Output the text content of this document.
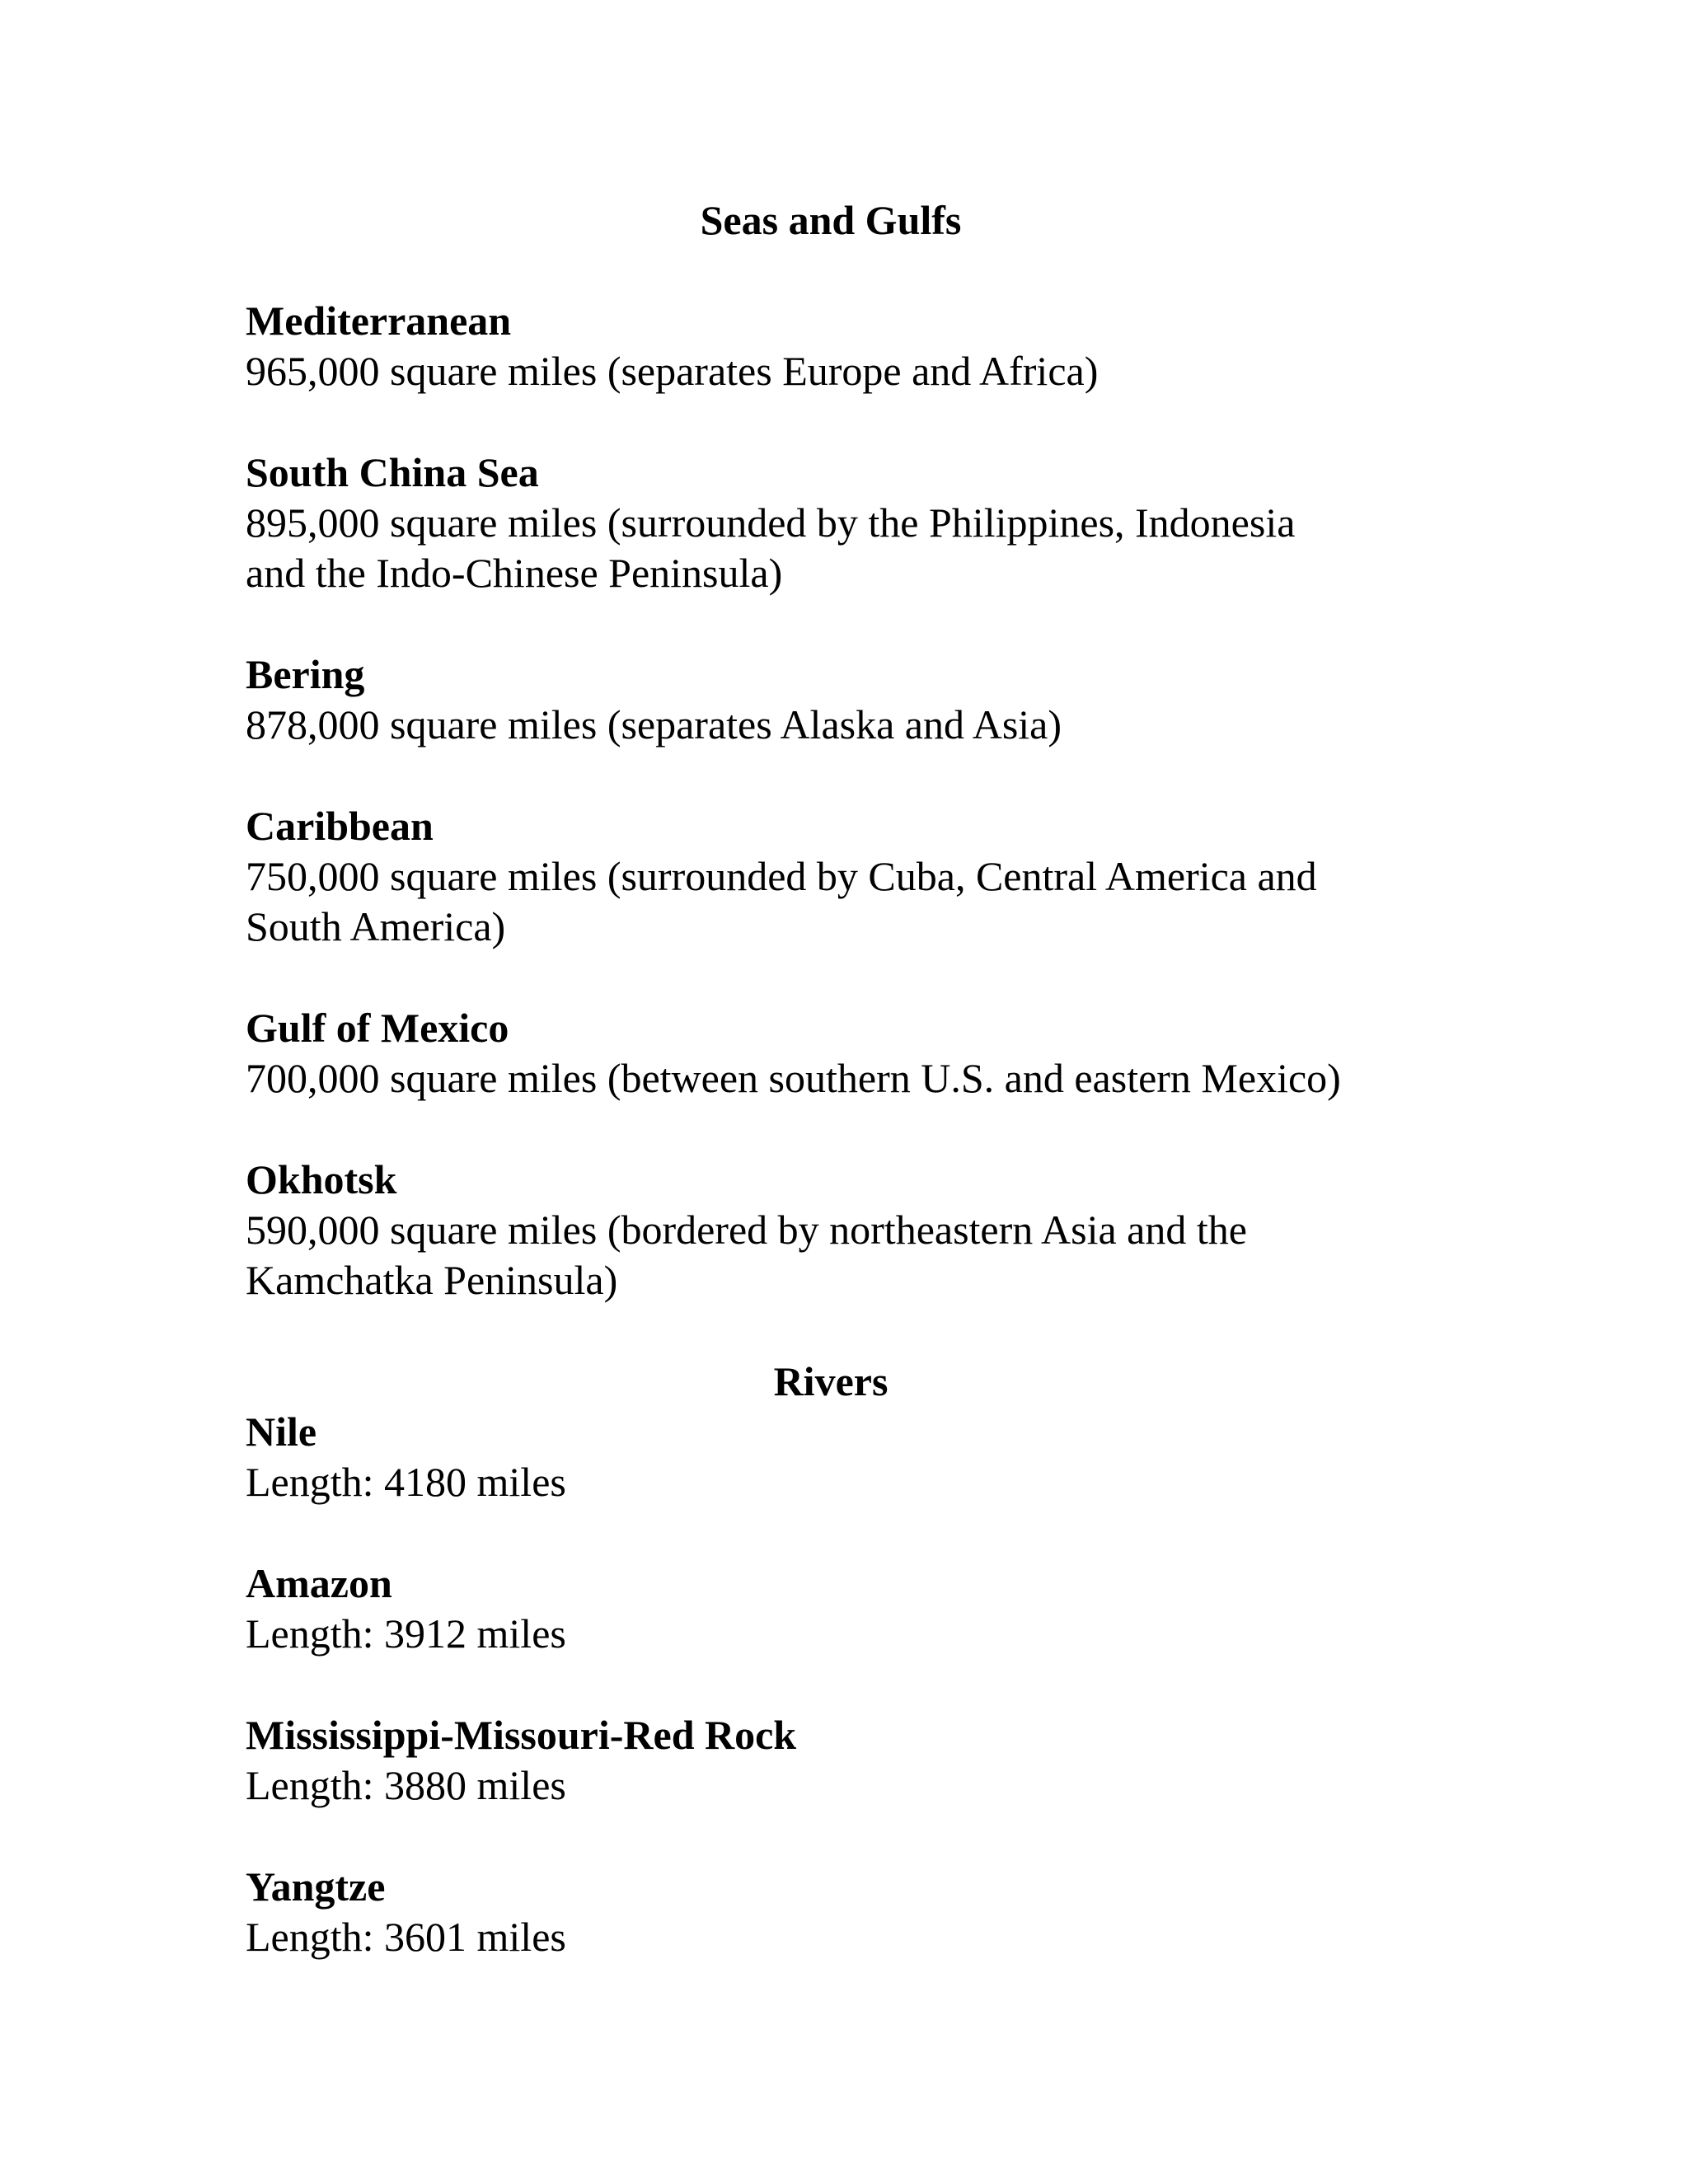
Seas and Gulfs

Mediterranean

965,000 square miles (separates Europe and Africa)

South China Sea

895,000 square miles (surrounded by the Philippines, Indonesia

and the Indo-Chinese Peninsula)

Bering

878,000 square miles (separates Alaska and Asia)

Caribbean

750,000 square miles (surrounded by Cuba, Central America and

South America)

Gulf of Mexico

700,000 square miles (between southern U.S. and eastern Mexico)

Okhotsk

590,000 square miles (bordered by northeastern Asia and the

Kamchatka Peninsula)

Rivers

Nile

Length: 4180 miles

Amazon

Length: 3912 miles

Mississippi-Missouri-Red Rock

Length: 3880 miles

Yangtze

Length: 3601 miles
